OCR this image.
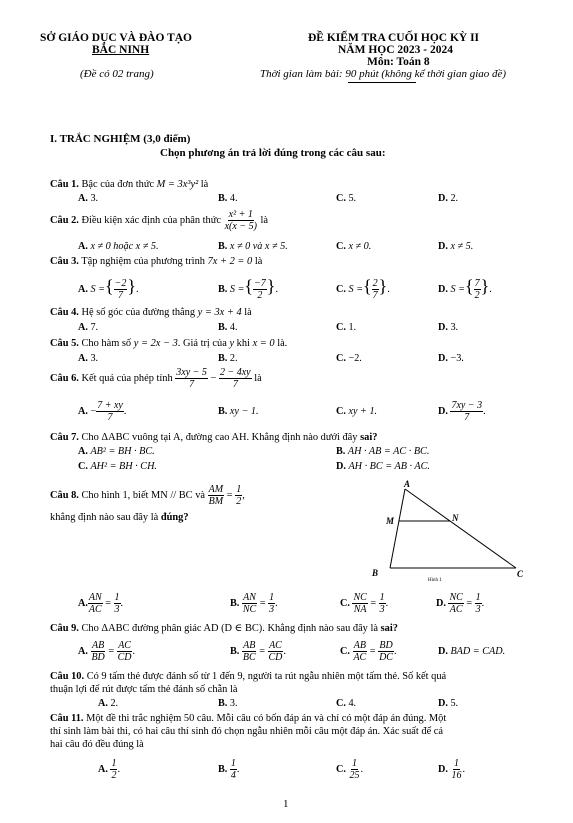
SỞ GIÁO DỤC VÀ ĐÀO TẠO
BẮC NINH
(Đề có 02 trang)
ĐỀ KIỂM TRA CUỐI HỌC KỲ II
NĂM HỌC 2023 - 2024
Môn: Toán 8
Thời gian làm bài: 90 phút (không kể thời gian giao đề)
I. TRẮC NGHIỆM (3,0 điểm)
Chọn phương án trả lời đúng trong các câu sau:
Câu 1. Bậc của đơn thức M = 3x³y² là
A. 3.	B. 4.	C. 5.	D. 2.
Câu 2. Điều kiện xác định của phân thức $\frac{\text{x² + 1}}{x(x - 5)}$ là
A. x ≠ 0 hoặc x ≠ 5.	B. x ≠ 0 và x ≠ 5.	C. x ≠ 0.	D. x ≠ 5.
Câu 3. Tập nghiệm của phương trình 7x + 2 = 0 là
A. S ={ $\frac{-2}{7}$ }.	B. S ={ $\frac{-7}{2}$ }.	C. S ={ $\frac{2}{7}$ }.	D. S ={ $\frac{7}{2}$ }.
Câu 4. Hệ số góc của đường thẳng y = 3x + 4 là
A. 7.	B. 4.	C. 1.	D. 3.
Câu 5. Cho hàm số y = 2x − 3. Giá trị của y khi x = 0 là.
A. 3.	B. 2.	C. −2.	D. −3.
Câu 6. Kết quả của phép tính $\frac{3xy - 5}{7} - \frac{2 - 4xy}{7}$ là
A. − $\frac{7 + xy}{7}$ .	B. xy − 1.	C. xy + 1.	D. $\frac{7xy - 3}{7}$ .
Câu 7. Cho ΔABC vuông tại A, đường cao AH. Khẳng định nào dưới đây sai?
A. AB² = BH · BC.	B. AH · AB = AC · BC.
C. AH² = BH · CH.	D. AH · BC = AB · AC.
Câu 8. Cho hình 1, biết MN // BC và $\frac{AM}{BM} = \frac{1}{2}$ ,
khẳng định nào sau đây là đúng?
A
M	N
B	C
Hình 1
A. $\frac{AN}{AC} = \frac{1}{3}$ .	B. $\frac{AN}{NC} = \frac{1}{3}$ .	C. $\frac{NC}{NA} = \frac{1}{3}$ .	D. $\frac{NC}{AC} = \frac{1}{3}$ .
Câu 9. Cho ΔABC đường phân giác AD (D ∈ BC). Khẳng định nào sau đây là sai?
A. $\frac{AB}{BD} = \frac{AC}{CD}$ .	B. $\frac{AB}{BC} = \frac{AC}{CD}$ .	C. $\frac{AB}{AC} = \frac{BD}{DC}$ .	D. BAD = CAD.
Câu 10. Có 9 tấm thẻ được đánh số từ 1 đến 9, người ta rút ngẫu nhiên một tấm thẻ. Số kết quả
thuận lợi để rút được tấm thẻ đánh số chẵn là
A. 2.	B. 3.	C. 4.	D. 5.
Câu 11. Một đề thi trắc nghiệm 50 câu. Mỗi câu có bốn đáp án và chỉ có một đáp án đúng. Một
thí sinh làm bài thi, có hai câu thí sinh đó chọn ngẫu nhiên mỗi câu một đáp án. Xác suất để cả
hai câu đó đều đúng là
A. $\frac{1}{2}$ .	B. $\frac{1}{4}$ .	C. $\frac{1}{25}$ .	D. $\frac{1}{16}$ .
1
